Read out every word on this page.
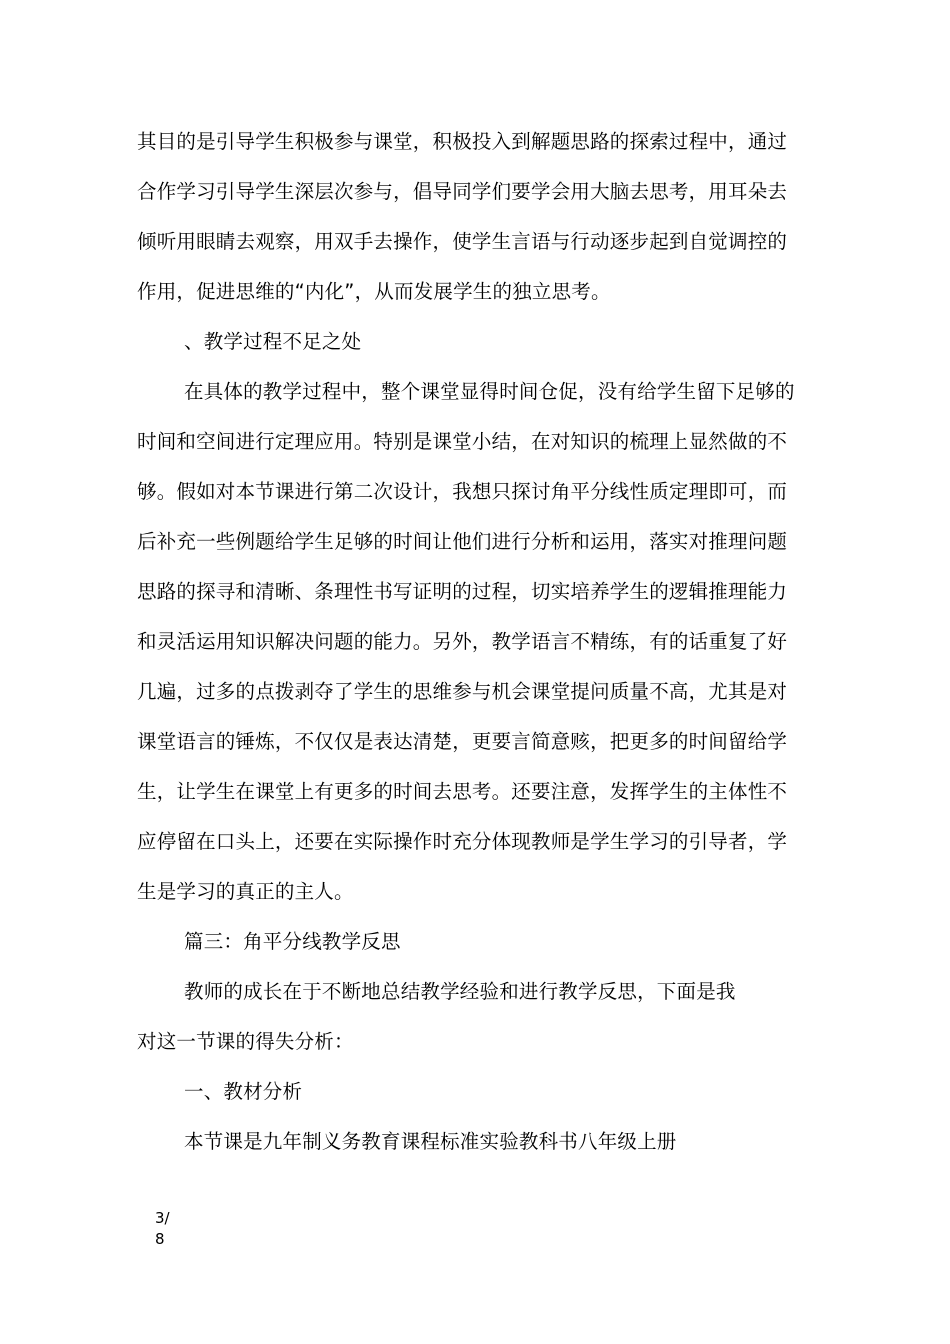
其目的是引导学生积极参与课堂，积极投入到解题思路的探索过程中，通过
合作学习引导学生深层次参与，倡导同学们要学会用大脑去思考，用耳朵去
倾听用眼睛去观察，用双手去操作，使学生言语与行动逐步起到自觉调控的
作用，促进思维的“内化”，从而发展学生的独立思考。
、教学过程不足之处
在具体的教学过程中，整个课堂显得时间仓促，没有给学生留下足够的
时间和空间进行定理应用。特别是课堂小结，在对知识的梳理上显然做的不
够。假如对本节课进行第二次设计，我想只探讨角平分线性质定理即可，而
后补充一些例题给学生足够的时间让他们进行分析和运用，落实对推理问题
思路的探寻和清晰、条理性书写证明的过程，切实培养学生的逻辑推理能力
和灵活运用知识解决问题的能力。另外，教学语言不精练，有的话重复了好
几遍，过多的点拨剥夺了学生的思维参与机会课堂提问质量不高，尤其是对
课堂语言的锤炼，不仅仅是表达清楚，更要言简意赅，把更多的时间留给学
生，让学生在课堂上有更多的时间去思考。还要注意，发挥学生的主体性不
应停留在口头上，还要在实际操作时充分体现教师是学生学习的引导者，学
生是学习的真正的主人。
篇三：角平分线教学反思
教师的成长在于不断地总结教学经验和进行教学反思，下面是我
对这一节课的得失分析：
一、教材分析
本节课是九年制义务教育课程标准实验教科书八年级上册
3/
8
